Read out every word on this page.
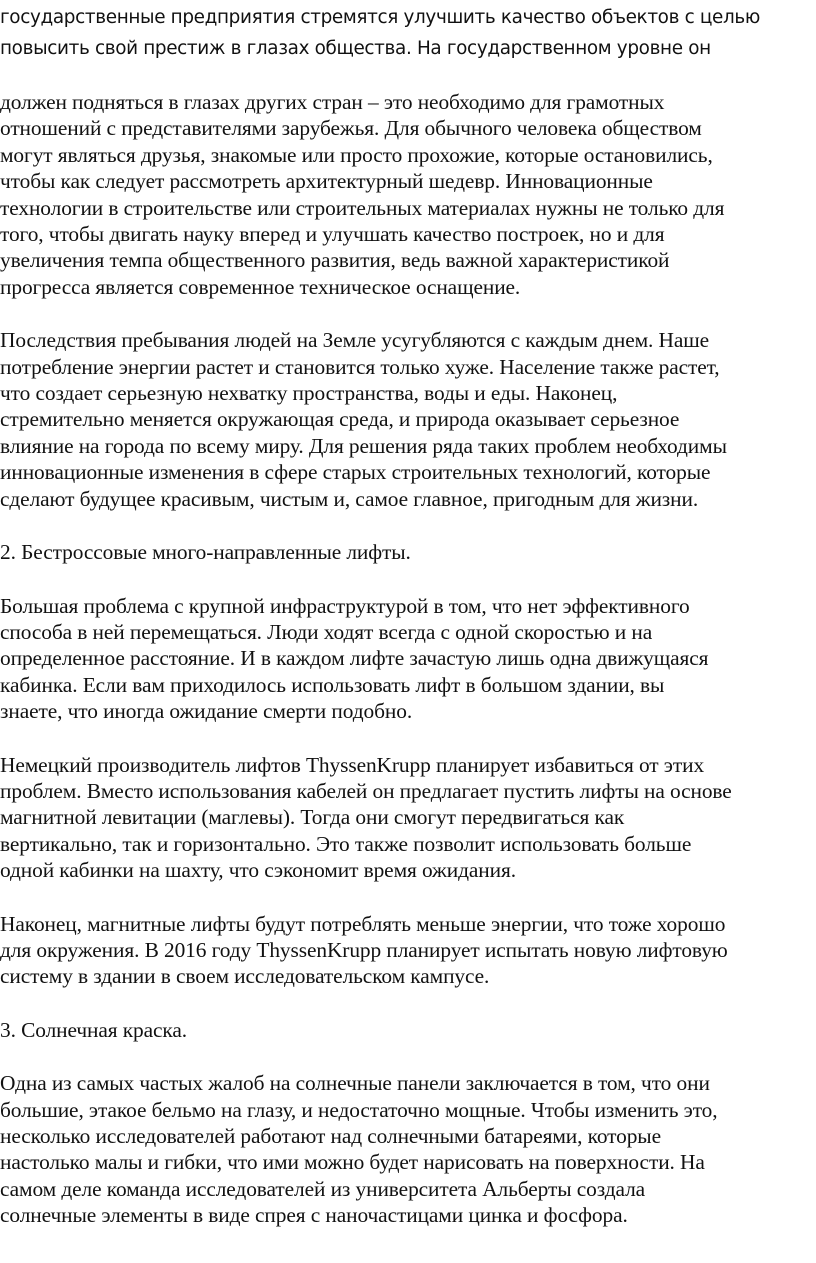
государственные предприятия стремятся улучшить качество объектов с целью
повысить свой престиж в глазах общества. На государственном уровне он

должен подняться в глазах других стран – это необходимо для грамотных
отношений с представителями зарубежья. Для обычного человека обществом
могут являться друзья, знакомые или просто прохожие, которые остановились,
чтобы как следует рассмотреть архитектурный шедевр. Инновационные
технологии в строительстве или строительных материалах нужны не только для
того, чтобы двигать науку вперед и улучшать качество построек, но и для
увеличения темпа общественного развития, ведь важной характеристикой
прогресса является современное техническое оснащение.

Последствия пребывания людей на Земле усугубляются с каждым днем. Наше
потребление энергии растет и становится только хуже. Население также растет,
что создает серьезную нехватку пространства, воды и еды. Наконец,
стремительно меняется окружающая среда, и природа оказывает серьезное
влияние на города по всему миру. Для решения ряда таких проблем необходимы
инновационные изменения в сфере старых строительных технологий, которые
сделают будущее красивым, чистым и, самое главное, пригодным для жизни.

2. Бестроссовые много-направленные лифты.

Большая проблема с крупной инфраструктурой в том, что нет эффективного
способа в ней перемещаться. Люди ходят всегда с одной скоростью и на
определенное расстояние. И в каждом лифте зачастую лишь одна движущаяся
кабинка. Если вам приходилось использовать лифт в большом здании, вы
знаете, что иногда ожидание смерти подобно.

Немецкий производитель лифтов ThyssenKrupp планирует избавиться от этих
проблем. Вместо использования кабелей он предлагает пустить лифты на основе
магнитной левитации (маглевы). Тогда они смогут передвигаться как
вертикально, так и горизонтально. Это также позволит использовать больше
одной кабинки на шахту, что сэкономит время ожидания.

Наконец, магнитные лифты будут потреблять меньше энергии, что тоже хорошо
для окружения. В 2016 году ThyssenKrupp планирует испытать новую лифтовую
систему в здании в своем исследовательском кампусе.

3. Солнечная краска.

Одна из самых частых жалоб на солнечные панели заключается в том, что они
большие, этакое бельмо на глазу, и недостаточно мощные. Чтобы изменить это,
несколько исследователей работают над солнечными батареями, которые
настолько малы и гибки, что ими можно будет нарисовать на поверхности. На
самом деле команда исследователей из университета Альберты создала
солнечные элементы в виде спрея с наночастицами цинка и фосфора.
